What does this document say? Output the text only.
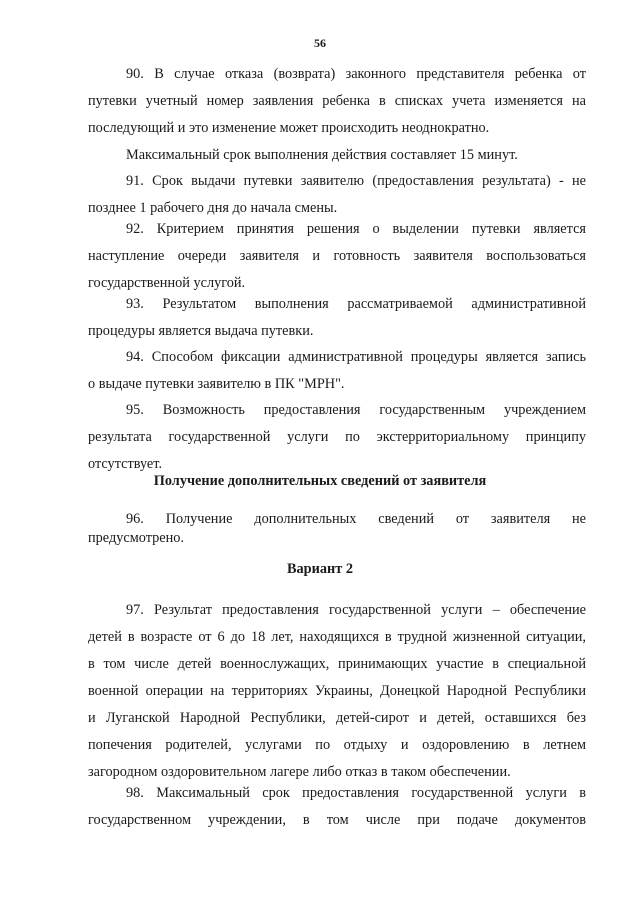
56
90. В случае отказа (возврата) законного представителя ребенка от
путевки учетный номер заявления ребенка в списках учета изменяется на
последующий и это изменение может происходить неоднократно.
Максимальный срок выполнения действия составляет 15 минут.
91. Срок выдачи путевки заявителю (предоставления результата) - не
позднее 1 рабочего дня до начала смены.
92. Критерием принятия решения о выделении путевки является
наступление очереди заявителя и готовность заявителя воспользоваться
государственной услугой.
93. Результатом выполнения рассматриваемой административной
процедуры является выдача путевки.
94. Способом фиксации административной процедуры является запись
о выдаче путевки заявителю в ПК "МРН".
95. Возможность предоставления государственным учреждением
результата государственной услуги по экстерриториальному принципу
отсутствует.
Получение дополнительных сведений от заявителя
96. Получение дополнительных сведений от заявителя не
предусмотрено.
Вариант 2
97. Результат предоставления государственной услуги – обеспечение
детей в возрасте от 6 до 18 лет, находящихся в трудной жизненной ситуации,
в том числе детей военнослужащих, принимающих участие в специальной
военной операции на территориях Украины, Донецкой Народной Республики
и Луганской Народной Республики, детей-сирот и детей, оставшихся без
попечения родителей, услугами по отдыху и оздоровлению в летнем
загородном оздоровительном лагере либо отказ в таком обеспечении.
98. Максимальный срок предоставления государственной услуги в
государственном учреждении, в том числе при подаче документов
